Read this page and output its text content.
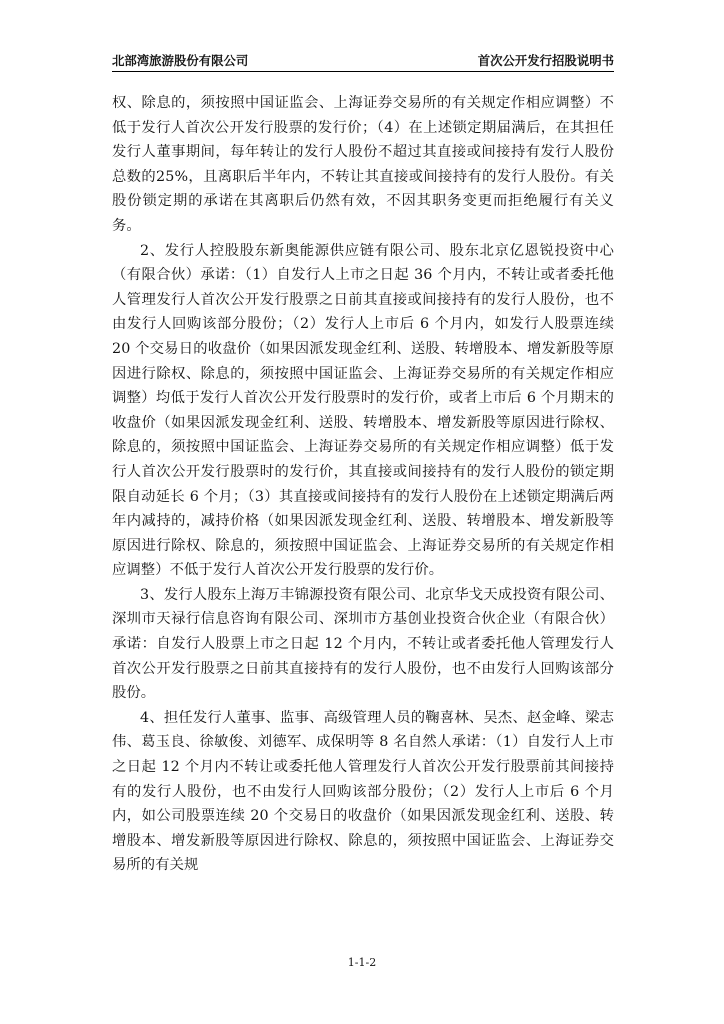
北部湾旅游股份有限公司	首次公开发行招股说明书

权、除息的，须按照中国证监会、上海证券交易所的有关规定作相应调整）不低于发行人首次公开发行股票的发行价；（4）在上述锁定期届满后，在其担任发行人董事期间，每年转让的发行人股份不超过其直接或间接持有发行人股份总数的25%，且离职后半年内，不转让其直接或间接持有的发行人股份。有关股份锁定期的承诺在其离职后仍然有效，不因其职务变更而拒绝履行有关义务。

2、发行人控股股东新奥能源供应链有限公司、股东北京亿恩锐投资中心（有限合伙）承诺：（1）自发行人上市之日起 36 个月内，不转让或者委托他人管理发行人首次公开发行股票之日前其直接或间接持有的发行人股份，也不由发行人回购该部分股份；（2）发行人上市后 6 个月内，如发行人股票连续 20 个交易日的收盘价（如果因派发现金红利、送股、转增股本、增发新股等原因进行除权、除息的，须按照中国证监会、上海证券交易所的有关规定作相应调整）均低于发行人首次公开发行股票时的发行价，或者上市后 6 个月期末的收盘价（如果因派发现金红利、送股、转增股本、增发新股等原因进行除权、除息的，须按照中国证监会、上海证券交易所的有关规定作相应调整）低于发行人首次公开发行股票时的发行价，其直接或间接持有的发行人股份的锁定期限自动延长 6 个月；（3）其直接或间接持有的发行人股份在上述锁定期满后两年内减持的，减持价格（如果因派发现金红利、送股、转增股本、增发新股等原因进行除权、除息的，须按照中国证监会、上海证券交易所的有关规定作相应调整）不低于发行人首次公开发行股票的发行价。

3、发行人股东上海万丰锦源投资有限公司、北京华戈天成投资有限公司、深圳市天禄行信息咨询有限公司、深圳市方基创业投资合伙企业（有限合伙）承诺：自发行人股票上市之日起 12 个月内，不转让或者委托他人管理发行人首次公开发行股票之日前其直接持有的发行人股份，也不由发行人回购该部分股份。

4、担任发行人董事、监事、高级管理人员的鞠喜林、吴杰、赵金峰、梁志伟、葛玉良、徐敏俊、刘德军、成保明等 8 名自然人承诺：（1）自发行人上市之日起 12 个月内不转让或委托他人管理发行人首次公开发行股票前其间接持有的发行人股份，也不由发行人回购该部分股份；（2）发行人上市后 6 个月内，如公司股票连续 20 个交易日的收盘价（如果因派发现金红利、送股、转增股本、增发新股等原因进行除权、除息的，须按照中国证监会、上海证券交易所的有关规

1-1-2
